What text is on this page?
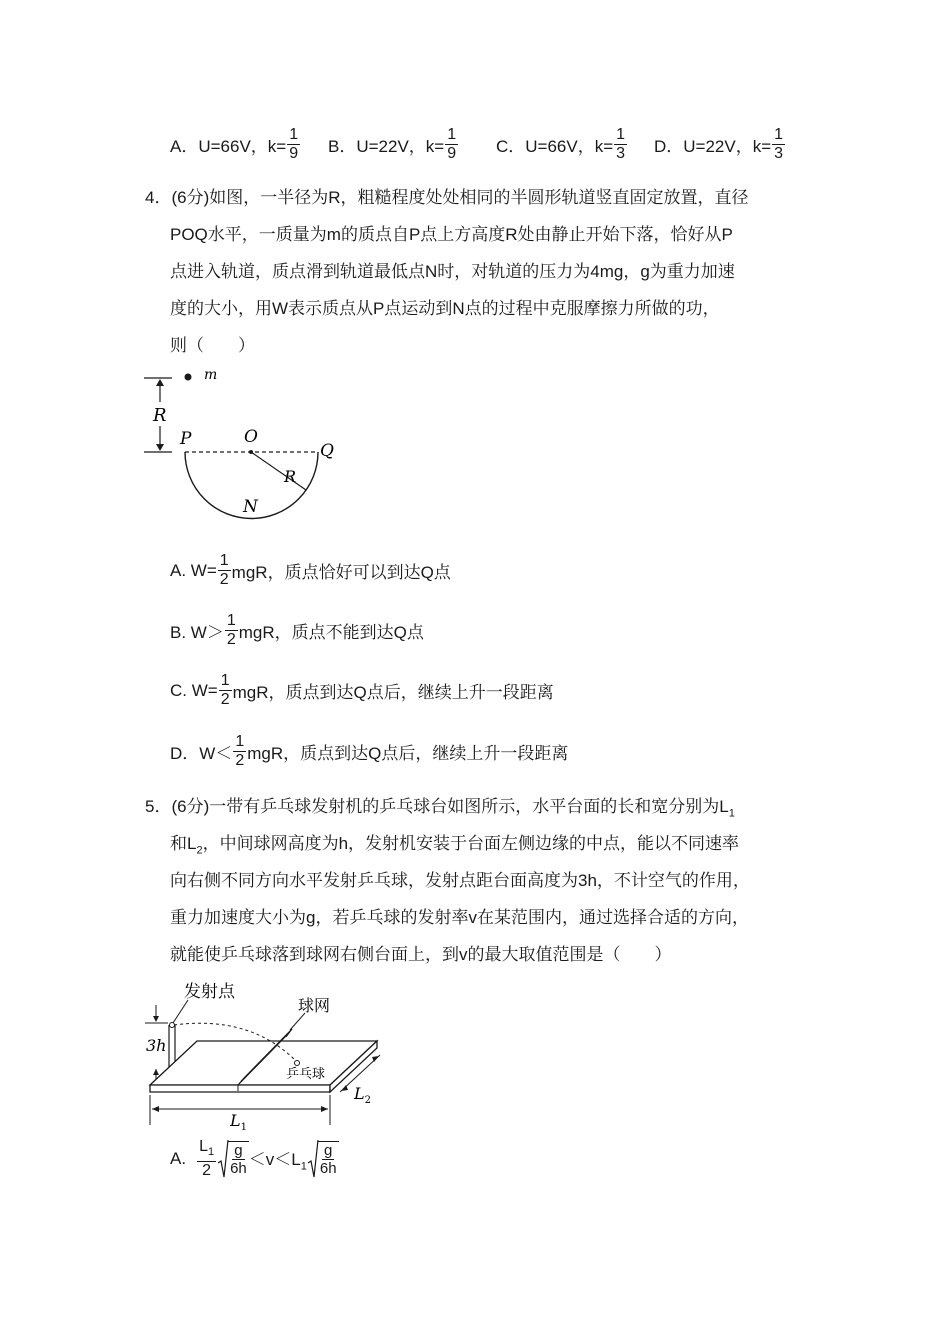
A．U=66V，$k= \frac{1}{9}$ B．U=22V，$k= \frac{1}{9}$ C．U=66V，$k= \frac{1}{3}$ D．U=22V，$k= \frac{1}{3}$
4．(6分)如图，一半径为R，粗糙程度处处相同的半圆形轨道竖直固定放置，直径
POQ水平，一质量为m的质点自P点上方高度R处由静止开始下落，恰好从P
点进入轨道，质点滑到轨道最低点N时，对轨道的压力为4mg，g为重力加速
度的大小，用W表示质点从P点运动到N点的过程中克服摩擦力所做的功，
则（　　）
R
m
P	O
Q
R
N
A. $W= \frac{1}{2}$ mgR，质点恰好可以到达Q点
B. $W> \frac{1}{2}$ mgR，质点不能到达Q点
C. $W= \frac{1}{2}$ mgR，质点到达Q点后，继续上升一段距离
D．$W< \frac{1}{2}$ mgR，质点到达Q点后，继续上升一段距离
5．(6分)一带有乒乓球发射机的乒乓球台如图所示，水平台面的长和宽分别为$L_1$
和$L_2$，中间球网高度为h，发射机安装于台面左侧边缘的中点，能以不同速率
向右侧不同方向水平发射乒乓球，发射点距台面高度为3h，不计空气的作用，
重力加速度大小为g，若乒乓球的发射率v在某范围内，通过选择合适的方向，
就能使乒乓球落到球网右侧台面上，到v的最大取值范围是（　　）
发射点
球网
3h
乒乓球
$L_1$
$L_2$
A. $\frac{L_1}{2}$ g
$6h <v<L_1$
g
6h
